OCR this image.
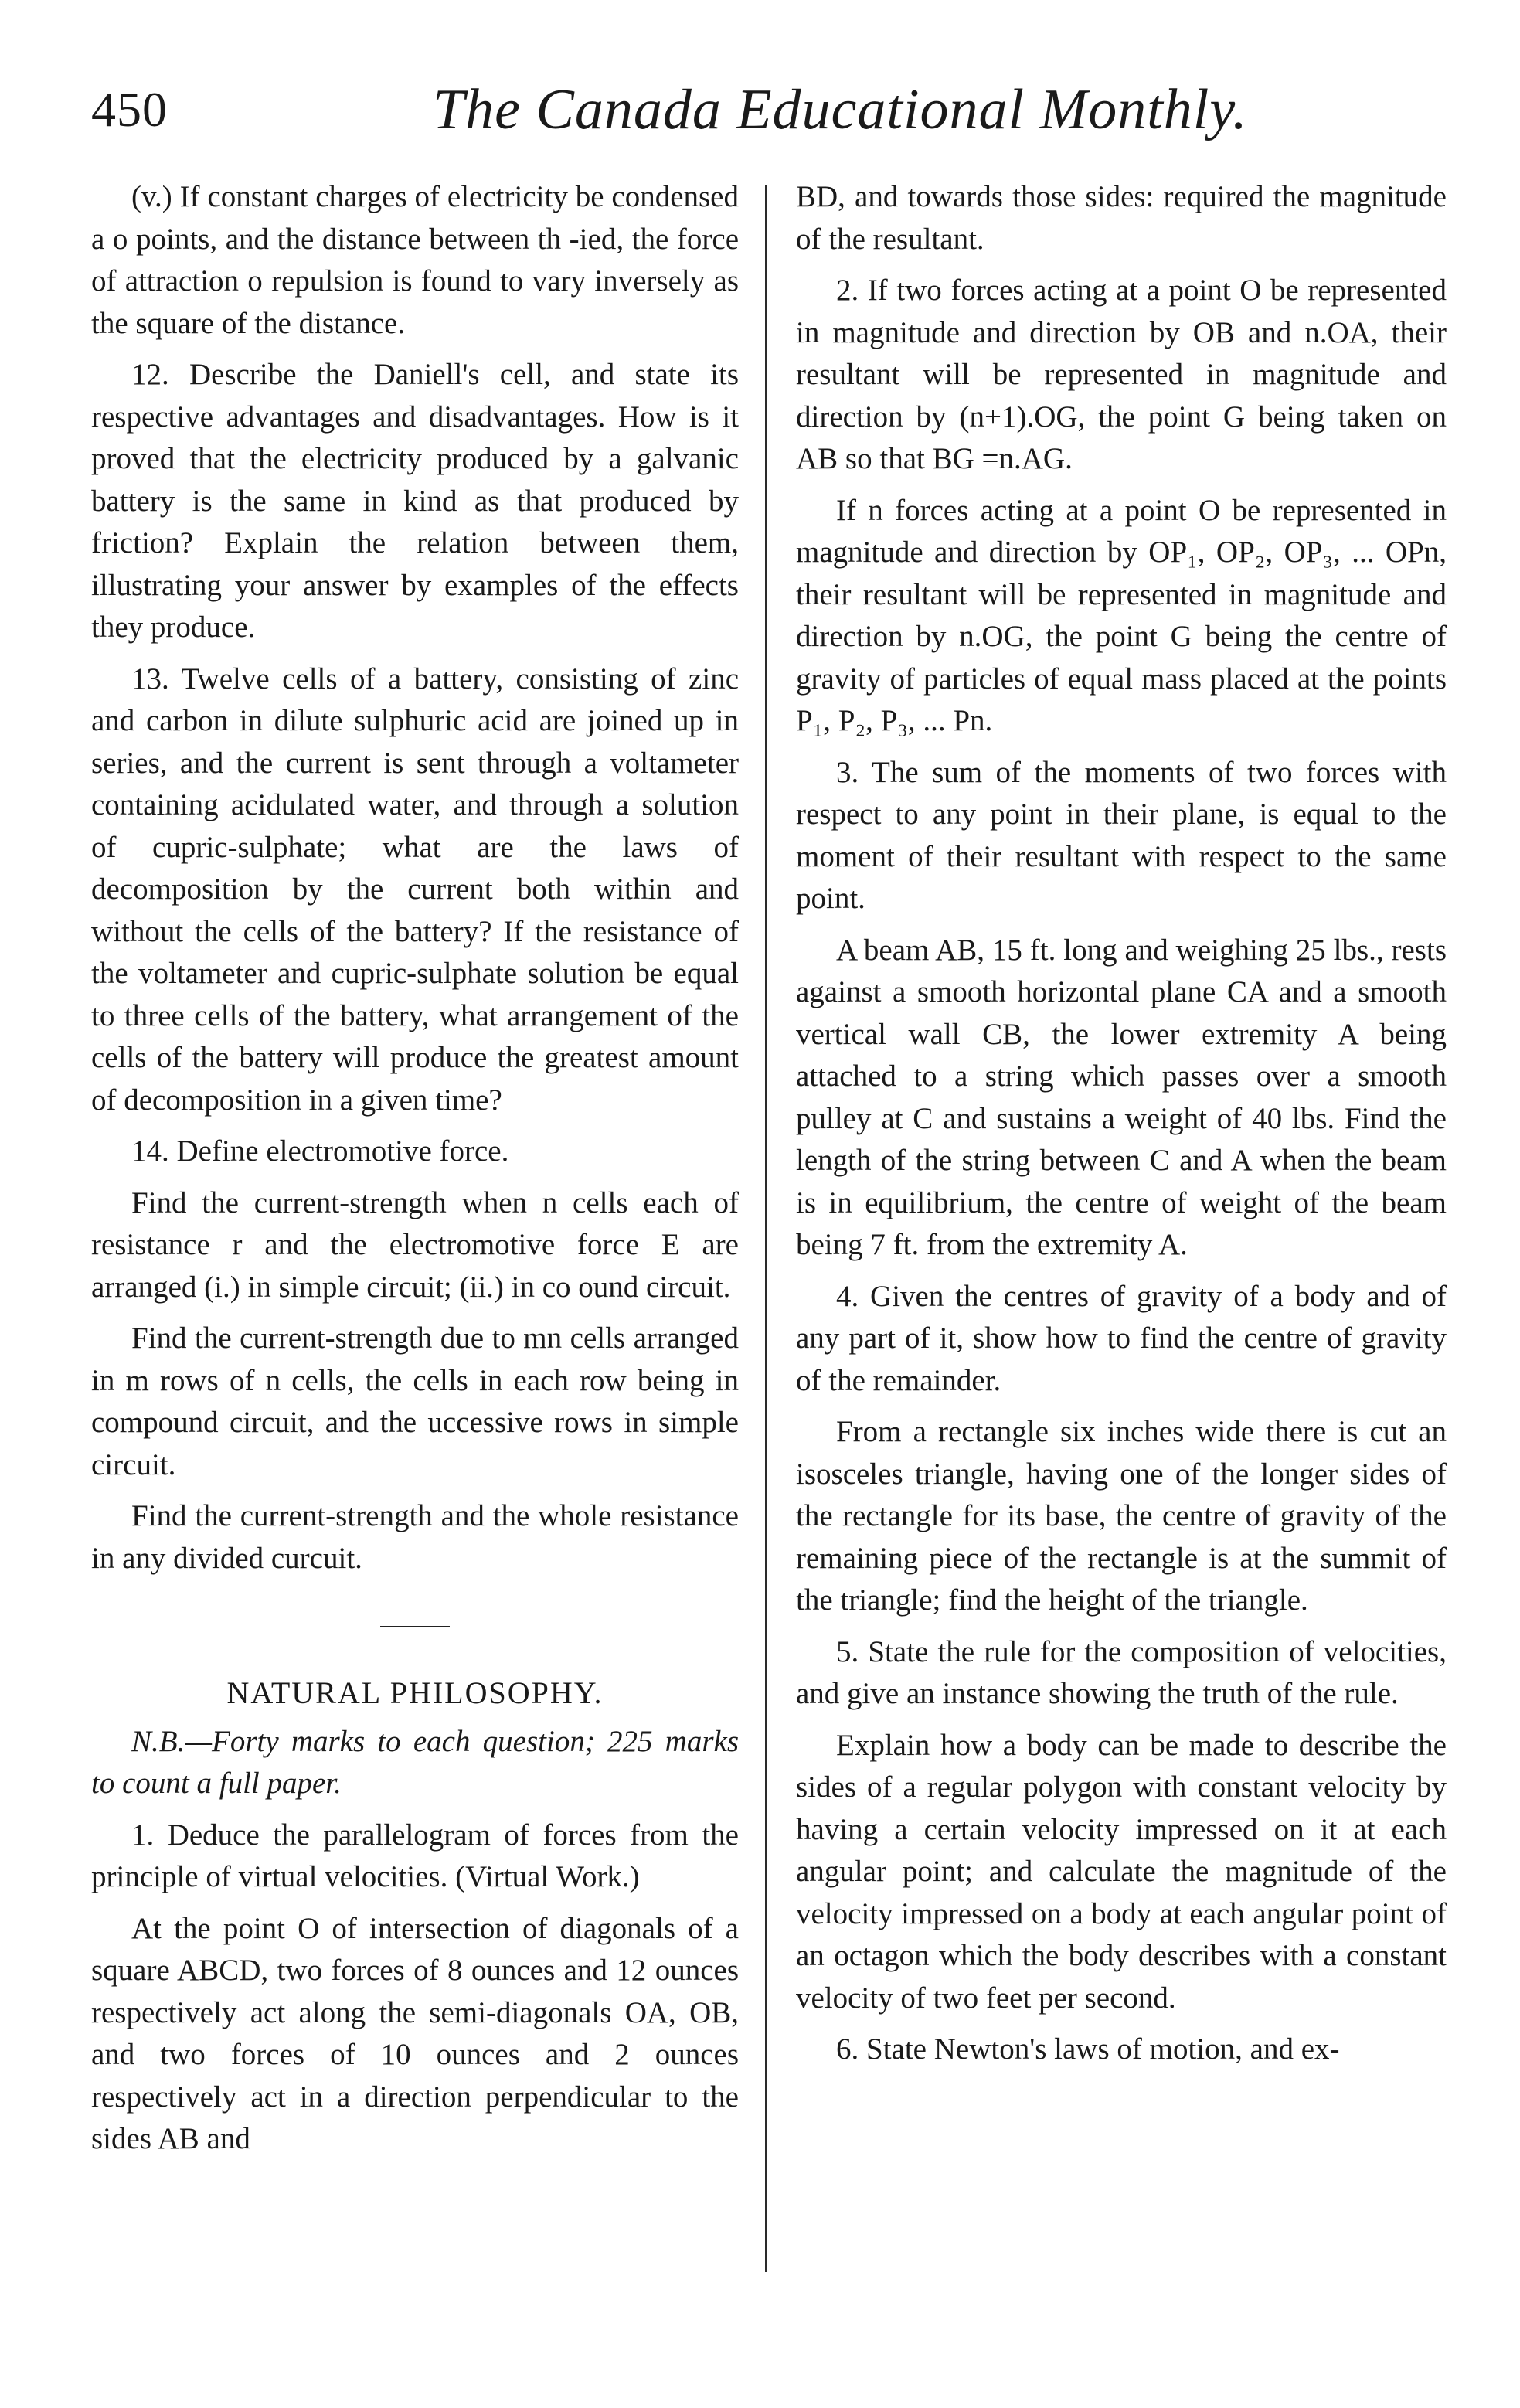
450	The Canada Educational Monthly.

(v.) If constant charges of electricity be condensed a o points, and the distance between th -ied, the force of attraction o repulsion is found to vary inversely as the square of the distance.

12. Describe the Daniell's cell, and state its respective advantages and disadvantages. How is it proved that the electricity produced by a galvanic battery is the same in kind as that produced by friction? Explain the relation between them, illustrating your answer by examples of the effects they produce.

13. Twelve cells of a battery, consisting of zinc and carbon in dilute sulphuric acid are joined up in series, and the current is sent through a voltameter containing acidulated water, and through a solution of cupric-sulphate; what are the laws of decomposition by the current both within and without the cells of the battery? If the resistance of the voltameter and cupric-sulphate solution be equal to three cells of the battery, what arrangement of the cells of the battery will produce the greatest amount of decomposition in a given time?

14. Define electromotive force.

Find the current-strength when n cells each of resistance r and the electromotive force E are arranged (i.) in simple circuit; (ii.) in co ound circuit.

Find the current-strength due to mn cells arranged in m rows of n cells, the cells in each row being in compound circuit, and the uccessive rows in simple circuit.

Find the current-strength and the whole resistance in any divided curcuit.

NATURAL PHILOSOPHY.

N.B.—Forty marks to each question; 225 marks to count a full paper.

1. Deduce the parallelogram of forces from the principle of virtual velocities. (Virtual Work.)

At the point O of intersection of diagonals of a square ABCD, two forces of 8 ounces and 12 ounces respectively act along the semi-diagonals OA, OB, and two forces of 10 ounces and 2 ounces respectively act in a direction perpendicular to the sides AB and

BD, and towards those sides: required the magnitude of the resultant.

2. If two forces acting at a point O be represented in magnitude and direction by OB and n.OA, their resultant will be represented in magnitude and direction by (n+1).OG, the point G being taken on AB so that BG =n.AG.

If n forces acting at a point O be represented in magnitude and direction by OP₁, OP₂, OP₃, ... OPn, their resultant will be represented in magnitude and direction by n.OG, the point G being the centre of gravity of particles of equal mass placed at the points P₁, P₂, P₃, ... Pn.

3. The sum of the moments of two forces with respect to any point in their plane, is equal to the moment of their resultant with respect to the same point.

A beam AB, 15 ft. long and weighing 25 lbs., rests against a smooth horizontal plane CA and a smooth vertical wall CB, the lower extremity A being attached to a string which passes over a smooth pulley at C and sustains a weight of 40 lbs. Find the length of the string between C and A when the beam is in equilibrium, the centre of weight of the beam being 7 ft. from the extremity A.

4. Given the centres of gravity of a body and of any part of it, show how to find the centre of gravity of the remainder.

From a rectangle six inches wide there is cut an isosceles triangle, having one of the longer sides of the rectangle for its base, the centre of gravity of the remaining piece of the rectangle is at the summit of the triangle; find the height of the triangle.

5. State the rule for the composition of velocities, and give an instance showing the truth of the rule.

Explain how a body can be made to describe the sides of a regular polygon with constant velocity by having a certain velocity impressed on it at each angular point; and calculate the magnitude of the velocity impressed on a body at each angular point of an octagon which the body describes with a constant velocity of two feet per second.

6. State Newton's laws of motion, and ex-
